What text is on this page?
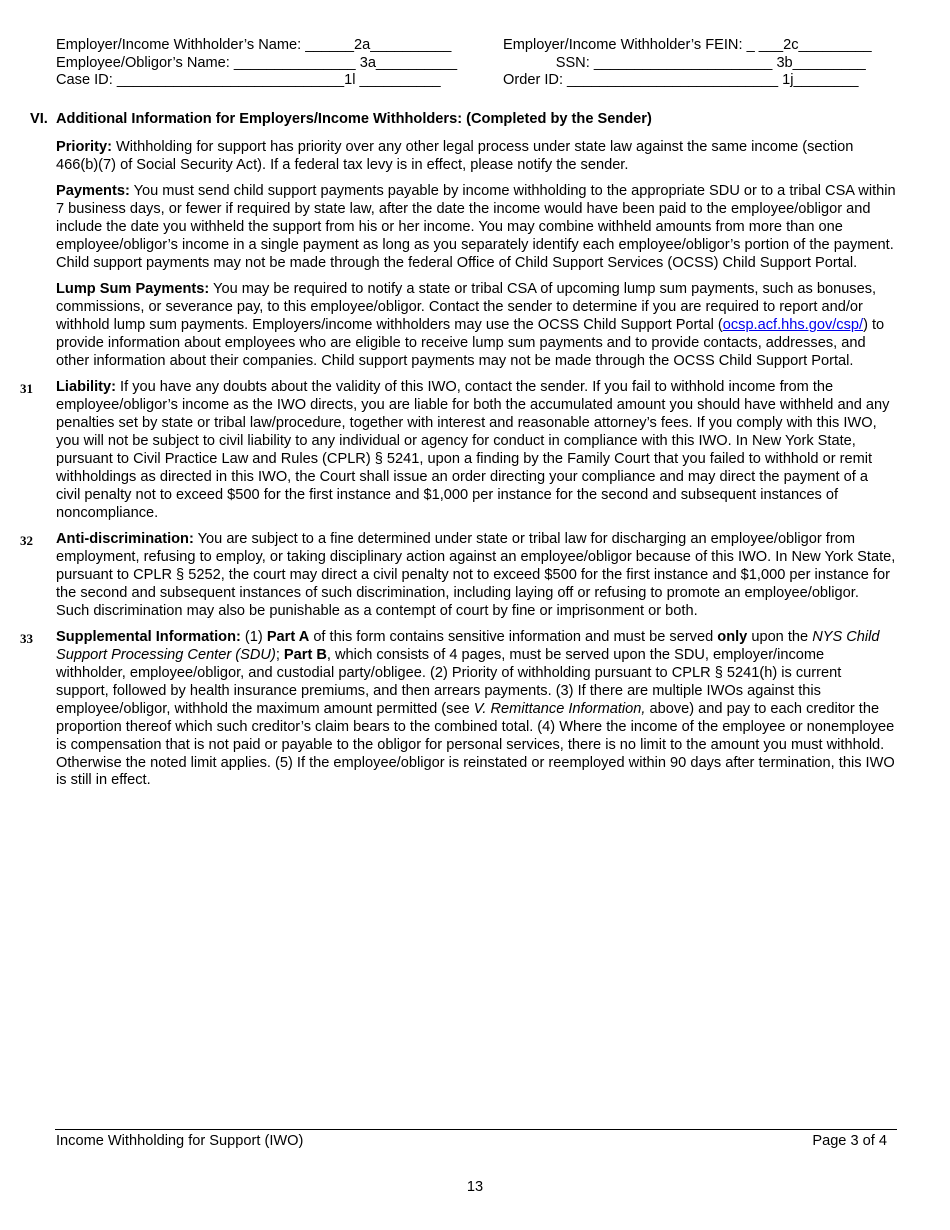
Employer/Income Withholder’s Name: ______2a__________
Employee/Obligor’s Name: _______________ 3a__________
Case ID: ____________________________1l __________
Employer/Income Withholder’s FEIN: _ ___2c_________
SSN: ______________________ 3b_________
Order ID: __________________________ 1j________
VI. Additional Information for Employers/Income Withholders: (Completed by the Sender)

Priority: Withholding for support has priority over any other legal process under state law against the same income (section 466(b)(7) of Social Security Act). If a federal tax levy is in effect, please notify the sender.

Payments: You must send child support payments payable by income withholding to the appropriate SDU or to a tribal CSA within 7 business days, or fewer if required by state law, after the date the income would have been paid to the employee/obligor and include the date you withheld the support from his or her income. You may combine withheld amounts from more than one employee/obligor’s income in a single payment as long as you separately identify each employee/obligor’s portion of the payment. Child support payments may not be made through the federal Office of Child Support Services (OCSS) Child Support Portal.

Lump Sum Payments: You may be required to notify a state or tribal CSA of upcoming lump sum payments, such as bonuses, commissions, or severance pay, to this employee/obligor. Contact the sender to determine if you are required to report and/or withhold lump sum payments. Employers/income withholders may use the OCSS Child Support Portal (ocsp.acf.hhs.gov/csp/) to provide information about employees who are eligible to receive lump sum payments and to provide contacts, addresses, and other information about their companies. Child support payments may not be made through the OCSS Child Support Portal.

31 Liability: If you have any doubts about the validity of this IWO, contact the sender. If you fail to withhold income from the employee/obligor’s income as the IWO directs, you are liable for both the accumulated amount you should have withheld and any penalties set by state or tribal law/procedure, together with interest and reasonable attorney’s fees. If you comply with this IWO, you will not be subject to civil liability to any individual or agency for conduct in compliance with this IWO. In New York State, pursuant to Civil Practice Law and Rules (CPLR) § 5241, upon a finding by the Family Court that you failed to withhold or remit withholdings as directed in this IWO, the Court shall issue an order directing your compliance and may direct the payment of a civil penalty not to exceed $500 for the first instance and $1,000 per instance for the second and subsequent instances of noncompliance.

32 Anti-discrimination: You are subject to a fine determined under state or tribal law for discharging an employee/obligor from employment, refusing to employ, or taking disciplinary action against an employee/obligor because of this IWO. In New York State, pursuant to CPLR § 5252, the court may direct a civil penalty not to exceed $500 for the first instance and $1,000 per instance for the second and subsequent instances of such discrimination, including laying off or refusing to promote an employee/obligor. Such discrimination may also be punishable as a contempt of court by fine or imprisonment or both.

33 Supplemental Information: (1) Part A of this form contains sensitive information and must be served only upon the NYS Child Support Processing Center (SDU); Part B, which consists of 4 pages, must be served upon the SDU, employer/income withholder, employee/obligor, and custodial party/obligee. (2) Priority of withholding pursuant to CPLR § 5241(h) is current support, followed by health insurance premiums, and then arrears payments. (3) If there are multiple IWOs against this employee/obligor, withhold the maximum amount permitted (see V. Remittance Information, above) and pay to each creditor the proportion thereof which such creditor’s claim bears to the combined total. (4) Where the income of the employee or nonemployee is compensation that is not paid or payable to the obligor for personal services, there is no limit to the amount you must withhold. Otherwise the noted limit applies. (5) If the employee/obligor is reinstated or reemployed within 90 days after termination, this IWO is still in effect.

Income Withholding for Support (IWO)	Page 3 of 4
13
